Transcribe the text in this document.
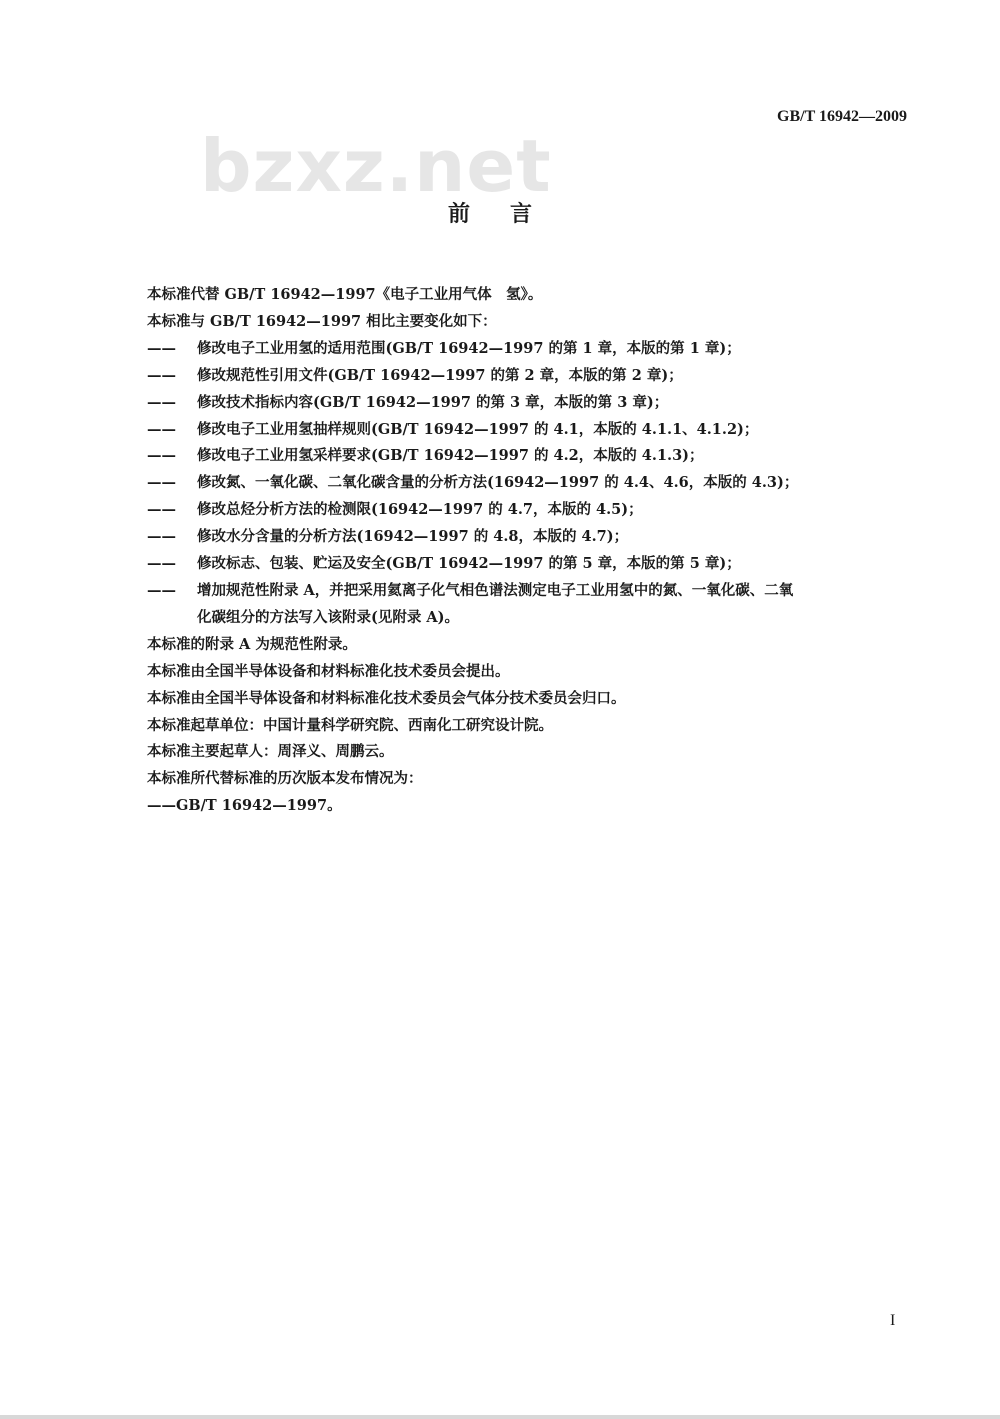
GB/T 16942—2009
bzxz.net
前言
本标准代替 GB/T 16942—1997《电子工业用气体　氢》。
本标准与 GB/T 16942—1997 相比主要变化如下：
——	修改电子工业用氢的适用范围(GB/T 16942—1997 的第 1 章，本版的第 1 章)；
——	修改规范性引用文件(GB/T 16942—1997 的第 2 章，本版的第 2 章)；
——	修改技术指标内容(GB/T 16942—1997 的第 3 章，本版的第 3 章)；
——	修改电子工业用氢抽样规则(GB/T 16942—1997 的 4.1，本版的 4.1.1、4.1.2)；
——	修改电子工业用氢采样要求(GB/T 16942—1997 的 4.2，本版的 4.1.3)；
——	修改氮、一氧化碳、二氧化碳含量的分析方法(16942—1997 的 4.4、4.6，本版的 4.3)；
——	修改总烃分析方法的检测限(16942—1997 的 4.7，本版的 4.5)；
——	修改水分含量的分析方法(16942—1997 的 4.8，本版的 4.7)；
——	修改标志、包装、贮运及安全(GB/T 16942—1997 的第 5 章，本版的第 5 章)；
——	增加规范性附录 A，并把采用氦离子化气相色谱法测定电子工业用氢中的氮、一氧化碳、二氧
化碳组分的方法写入该附录(见附录 A)。
本标准的附录 A 为规范性附录。
本标准由全国半导体设备和材料标准化技术委员会提出。
本标准由全国半导体设备和材料标准化技术委员会气体分技术委员会归口。
本标准起草单位：中国计量科学研究院、西南化工研究设计院。
本标准主要起草人：周泽义、周鹏云。
本标准所代替标准的历次版本发布情况为：
——GB/T 16942—1997。
I
